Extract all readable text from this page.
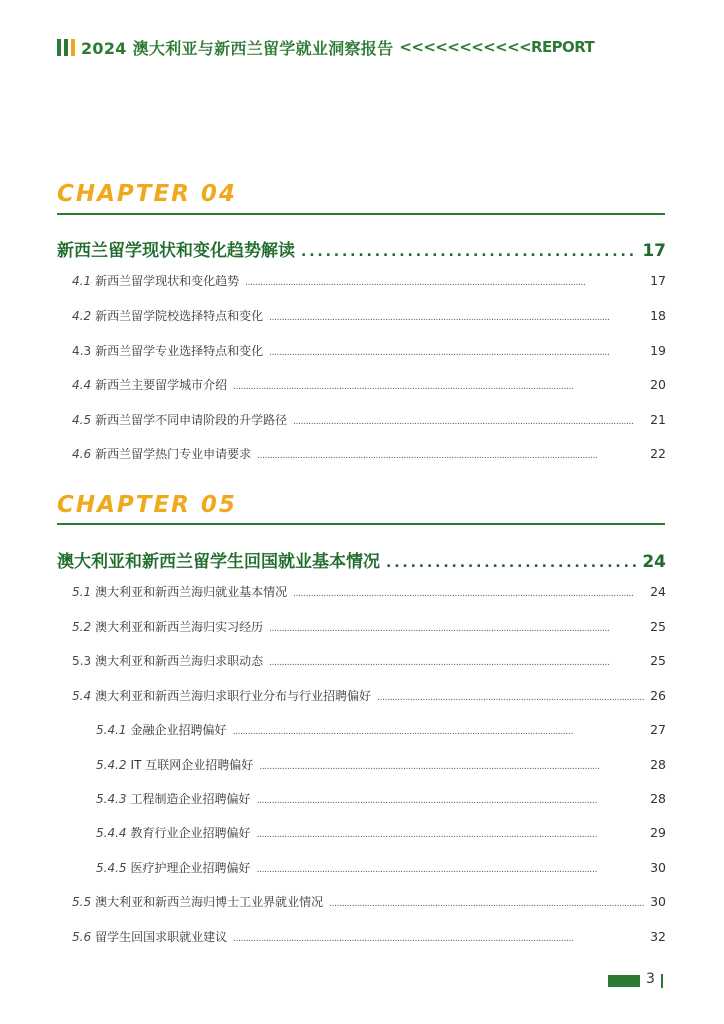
2024 澳大利亚与新西兰留学就业洞察报告 <<<<<<<<<<<REPORT
CHAPTER 04
新西兰留学现状和变化趋势解读 . . .	17
4.1 新西兰留学现状和变化趋势 . . .	17
4.2 新西兰留学院校选择特点和变化 . . .	18
4.3 新西兰留学专业选择特点和变化 . . .	19
4.4 新西兰主要留学城市介绍 . . .	20
4.5 新西兰留学不同申请阶段的升学路径 . . .	21
4.6 新西兰留学热门专业申请要求 . . .	22
CHAPTER 05
澳大利亚和新西兰留学生回国就业基本情况 . . .	24
5.1 澳大利亚和新西兰海归就业基本情况 . . .	24
5.2 澳大利亚和新西兰海归实习经历 . . .	25
5.3 澳大利亚和新西兰海归求职动态 . . .	25
5.4 澳大利亚和新西兰海归求职行业分布与行业招聘偏好 . . .	26
5.4.1 金融企业招聘偏好 . . .	27
5.4.2 IT 互联网企业招聘偏好 . . .	28
5.4.3 工程制造企业招聘偏好 . . .	28
5.4.4 教育行业企业招聘偏好 . . .	29
5.4.5 医疗护理企业招聘偏好 . . .	30
5.5 澳大利亚和新西兰海归博士工业界就业情况 . . .	30
5.6 留学生回国求职就业建议 . . .	32
3
